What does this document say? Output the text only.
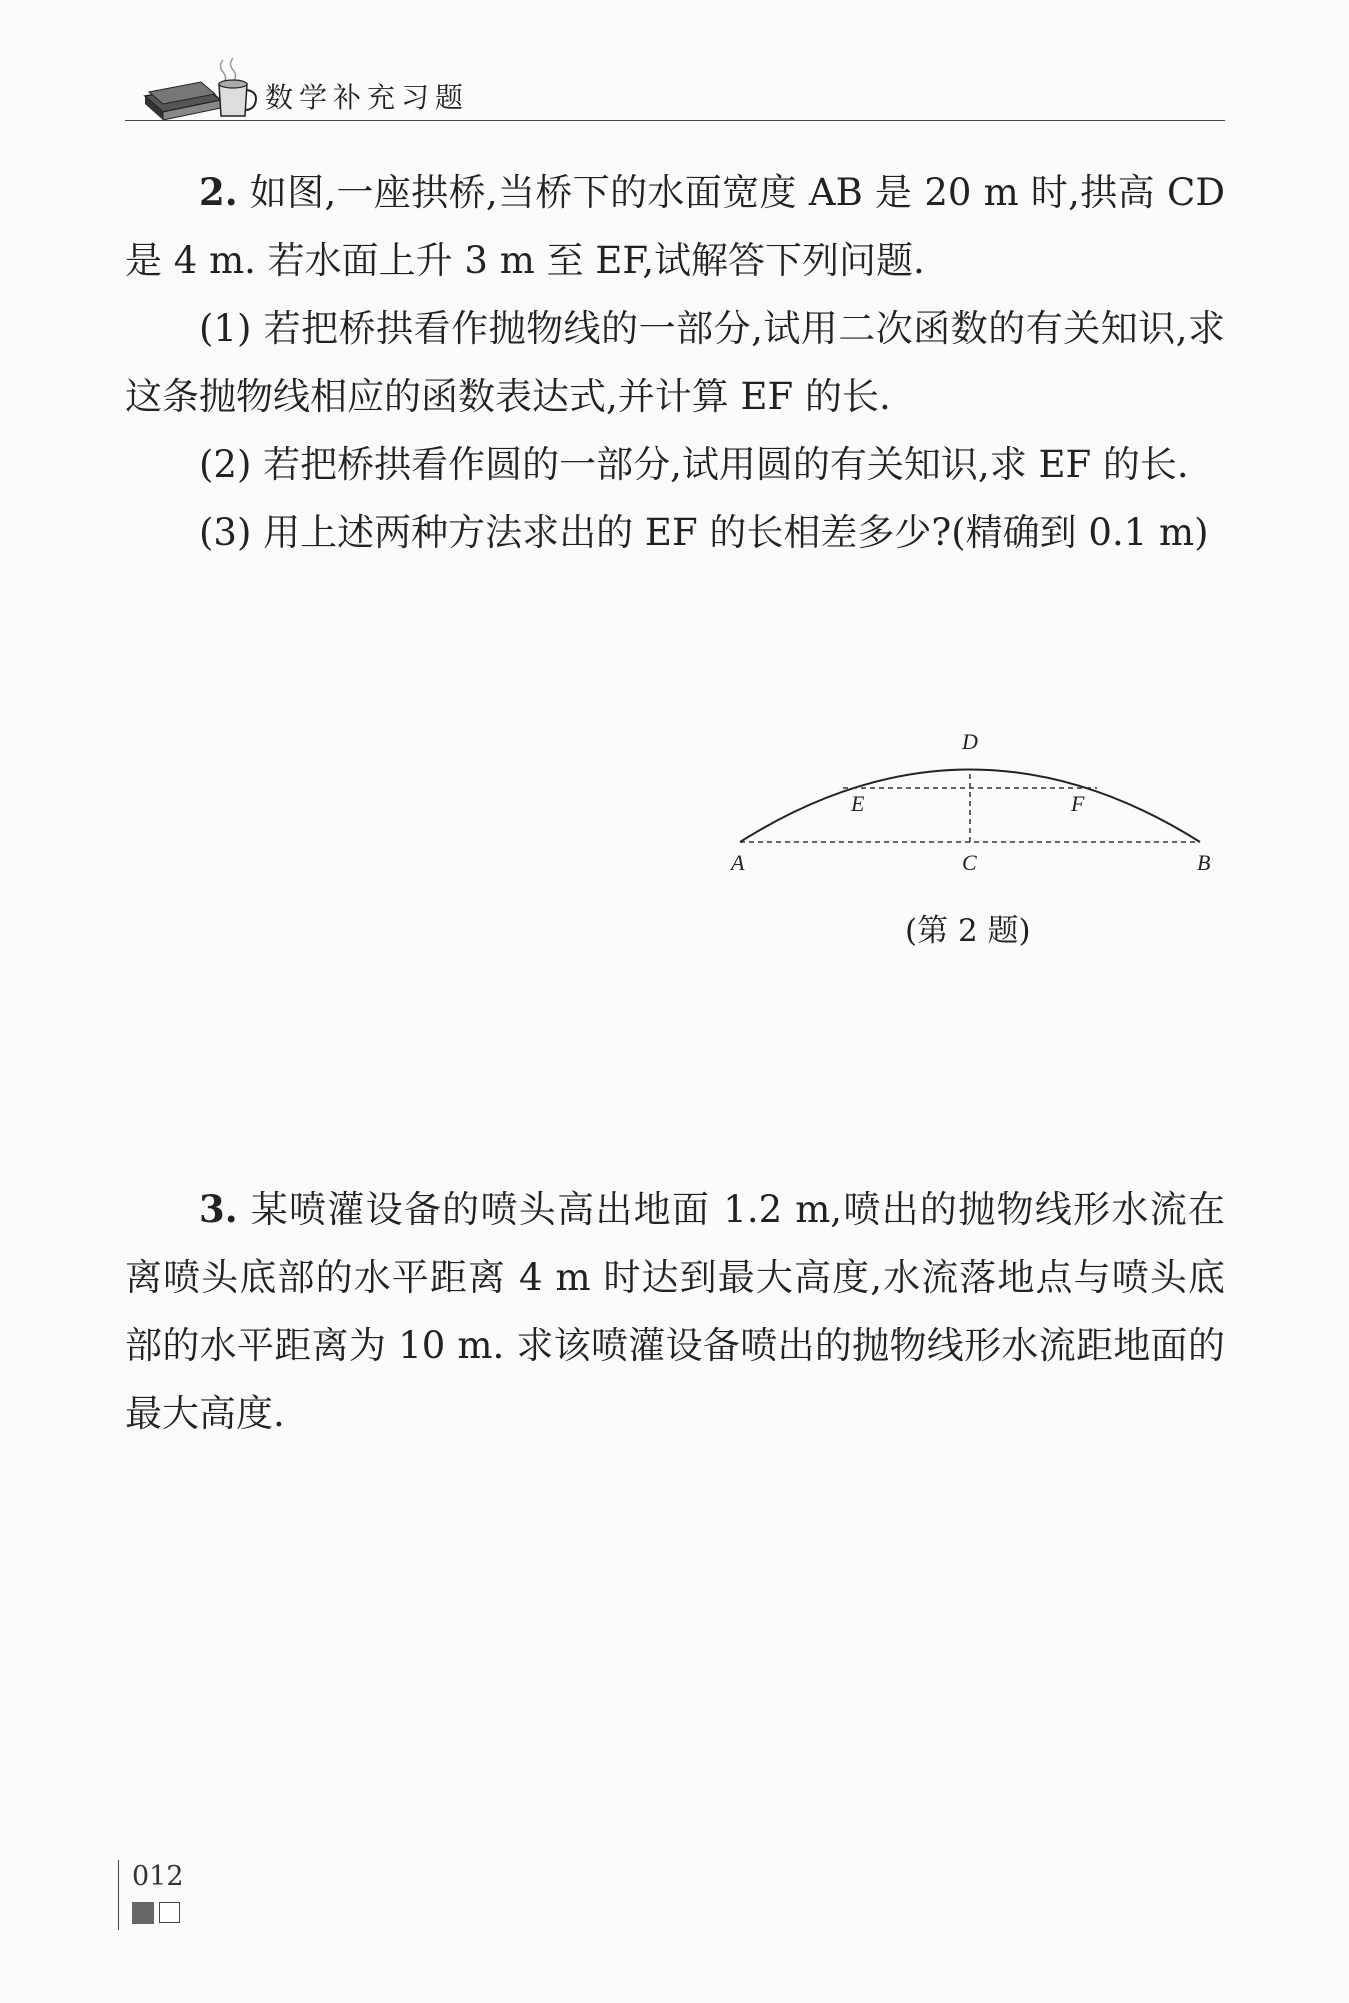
数学补充习题

2. 如图,一座拱桥,当桥下的水面宽度 AB 是 20 m 时,拱高 CD 是 4 m. 若水面上升 3 m 至 EF,试解答下列问题.

(1) 若把桥拱看作抛物线的一部分,试用二次函数的有关知识,求这条抛物线相应的函数表达式,并计算 EF 的长.

(2) 若把桥拱看作圆的一部分,试用圆的有关知识,求 EF 的长.

(3) 用上述两种方法求出的 EF 的长相差多少?(精确到 0.1 m)

A	B
C
D
E	F
(第 2 题)

3. 某喷灌设备的喷头高出地面 1.2 m,喷出的抛物线形水流在离喷头底部的水平距离 4 m 时达到最大高度,水流落地点与喷头底部的水平距离为 10 m. 求该喷灌设备喷出的抛物线形水流距地面的最大高度.

012
